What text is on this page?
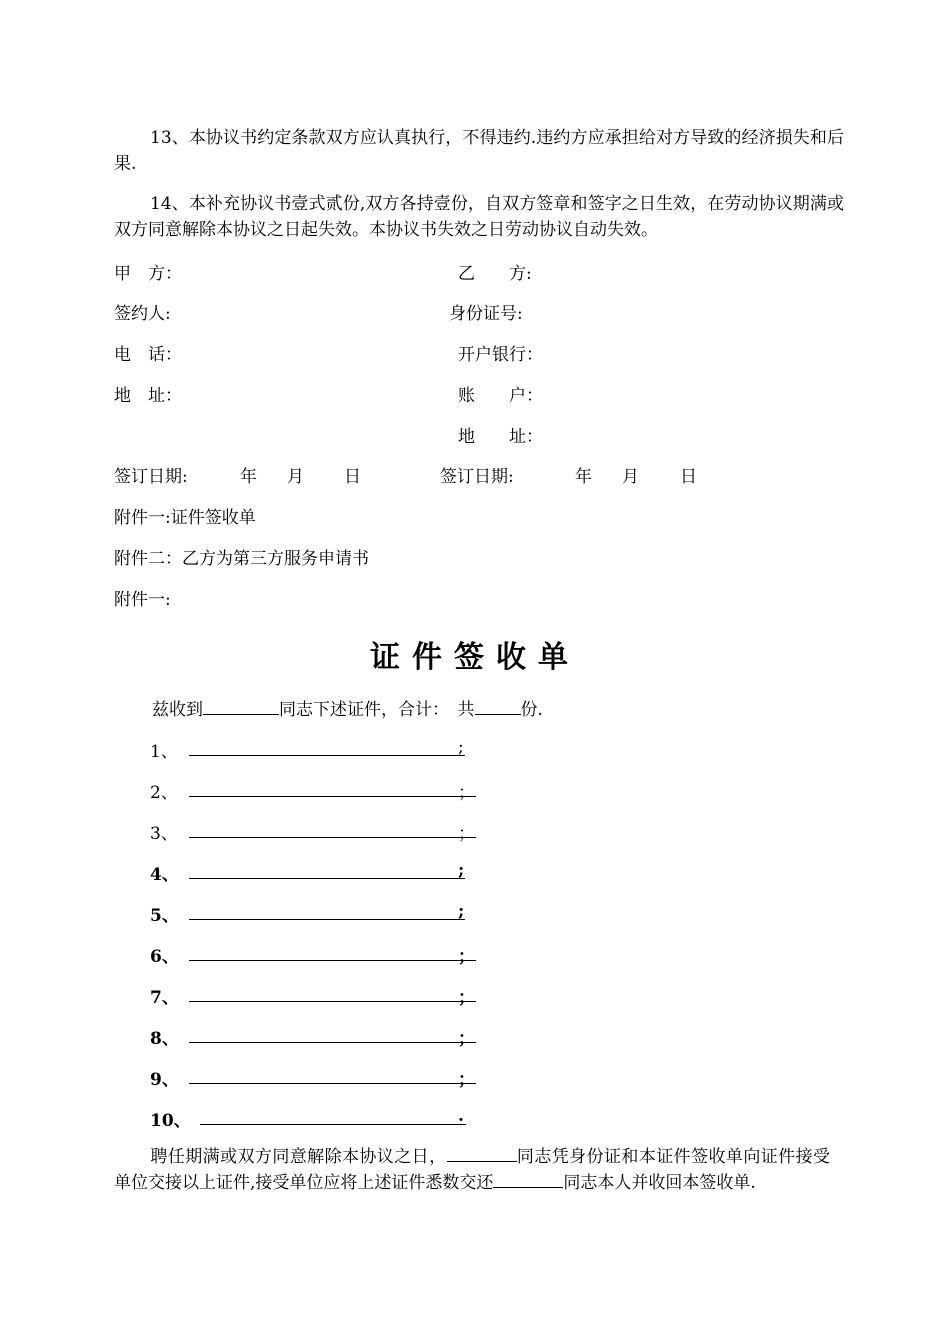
13、本协议书约定条款双方应认真执行，不得违约.违约方应承担给对方导致的经济损失和后果.
14、本补充协议书壹式贰份,双方各持壹份，自双方签章和签字之日生效，在劳动协议期满或双方同意解除本协议之日起失效。本协议书失效之日劳动协议自动失效。
甲　方：	乙　　方:
签约人:	身份证号:
电　话：	开户银行：
地　址：	账　　户：
地　　址：
签订日期:	年 月 日	签订日期:	年 月 日
附件一:证件签收单
附件二：乙方为第三方服务申请书
附件一:
证件签收单
兹收到	同志下述证件，合计：　共	份.
1、	;
2、	；
3、	；
4、	;
5、	;
6、	；
7、	；
8、	；
9、	；
10、	.
聘任期满或双方同意解除本协议之日，	同志凭身份证和本证件签收单向证件接受单位交接以上证件,接受单位应将上述证件悉数交还	同志本人并收回本签收单.
